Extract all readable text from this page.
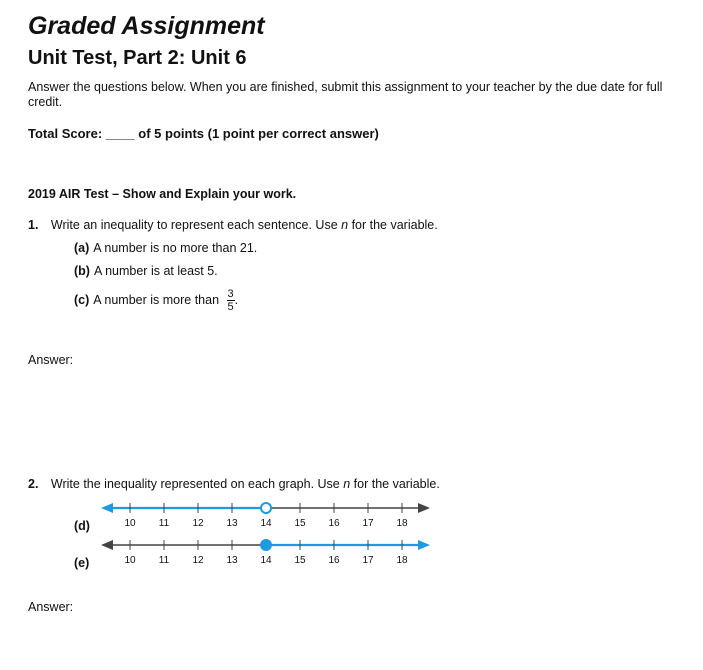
Graded Assignment
Unit Test, Part 2: Unit 6
Answer the questions below. When you are finished, submit this assignment to your teacher by the due date for full credit.
Total Score: ____ of 5 points (1 point per correct answer)
2019 AIR Test – Show and Explain your work.
1. Write an inequality to represent each sentence. Use n for the variable.
(a) A number is no more than 21.
(b) A number is at least 5.
(c) A number is more than $\frac{3}{5}$ .
Answer:
2. Write the inequality represented on each graph. Use n for the variable.
(d)
(e)
10 11 12 13 14 15 16 17 18
10 11 12 13 14 15 16 17 18
Answer:
